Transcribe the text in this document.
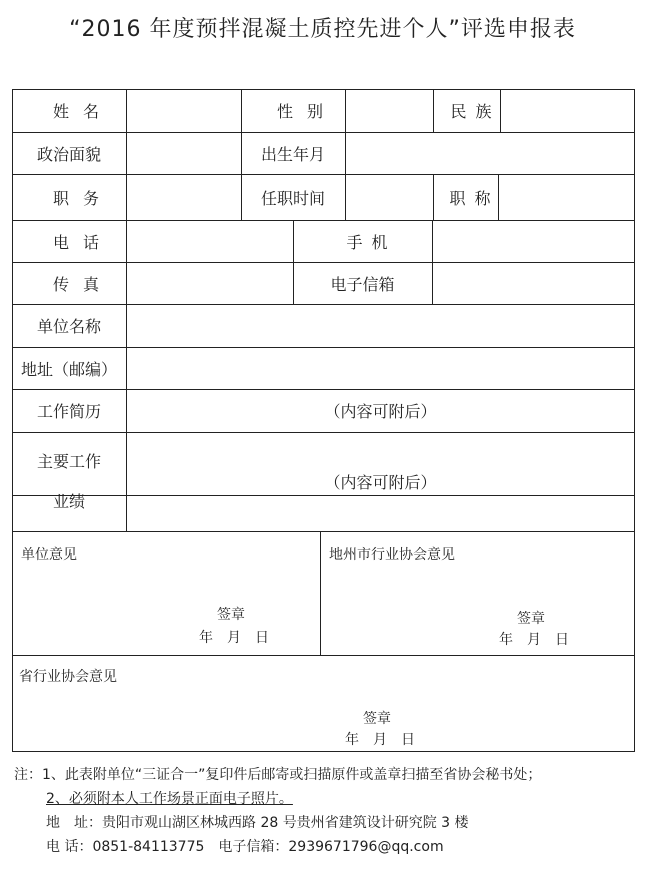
“2016 年度预拌混凝土质控先进个人”评选申报表
姓名	性别	民族
政治面貌	出生年月
职务	任职时间	职称
电话	手机
传真	电子信箱
单位名称
地址（邮编）
工作简历	（内容可附后）
主要工作
业绩
（内容可附后）
单位意见
签章
年　月　日
地州市行业协会意见
签章
年　月　日
省行业协会意见
签章
年　月　日
注：1、此表附单位“三证合一”复印件后邮寄或扫描原件或盖章扫描至省协会秘书处；
2、必须附本人工作场景正面电子照片。
地　址：贵阳市观山湖区林城西路 28 号贵州省建筑设计研究院 3 楼
电 话：0851-84113775　电子信箱：2939671796@qq.com
